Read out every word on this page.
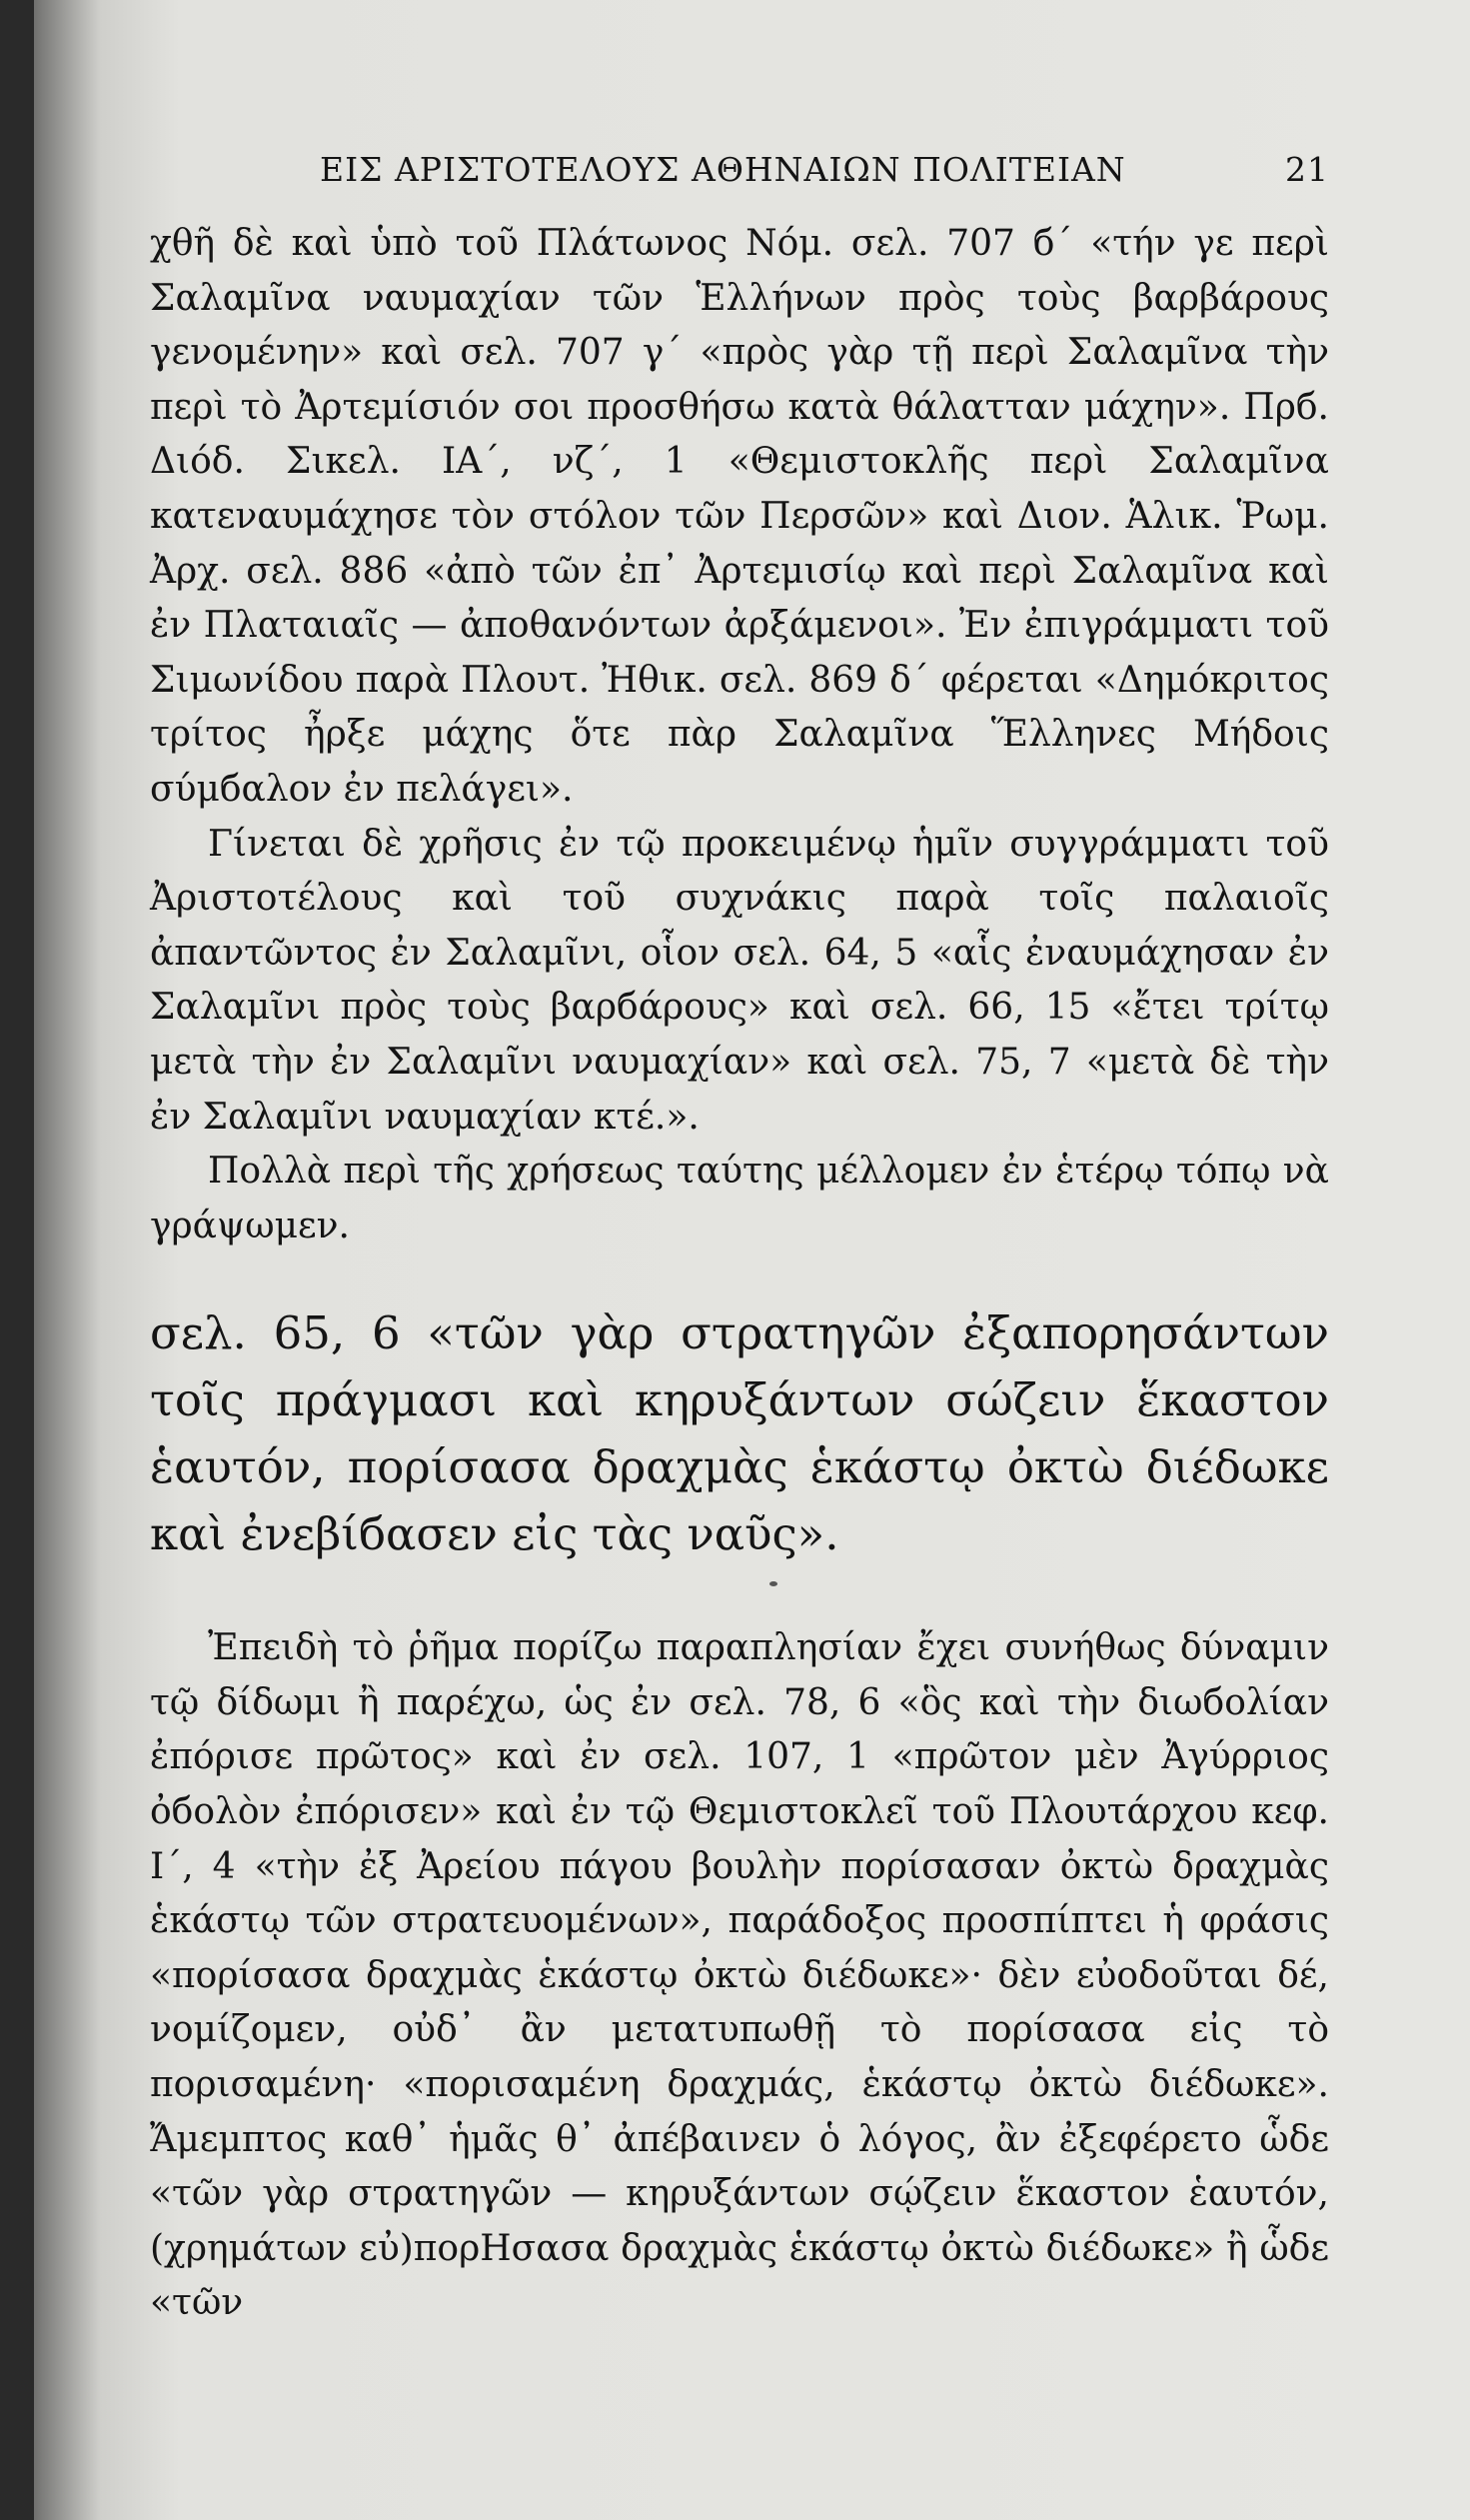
ΕΙΣ ΑΡΙΣΤΟΤΕΛΟΥΣ ΑΘΗΝΑΙΩΝ ΠΟΛΙΤΕΙΑΝ	21

χθῆ δὲ καὶ ὑπὸ τοῦ Πλάτωνος Νόμ. σελ. 707 б΄ «τήν γε περὶ Σαλαμῖνα ναυμαχίαν τῶν Ἑλλήνων πρὸς τοὺς βαρβάρους γενομένην» καὶ σελ. 707 γ΄ «πρὸς γὰρ τῇ περὶ Σαλαμῖνα τὴν περὶ τὸ Ἀρτεμίσιόν σοι προσθήσω κατὰ θάλατταν μάχην». Πρб. Διόδ. Σικελ. ΙΑ΄, νζ΄, 1 «Θεμιστοκλῆς περὶ Σαλαμῖνα κατεναυμάχησε τὸν στόλον τῶν Περσῶν» καὶ Διον. Ἁλικ. Ῥωμ. Ἀρχ. σελ. 886 «ἀπὸ τῶν ἐπ᾽ Ἀρτεμισίῳ καὶ περὶ Σαλαμῖνα καὶ ἐν Πλαταιαῖς — ἀποθανόντων ἀρξάμενοι». Ἐν ἐπιγράμματι τοῦ Σιμωνίδου παρὰ Πλουτ. Ἠθικ. σελ. 869 δ΄ φέρεται «Δημόκριτος τρίτος ἦρξε μάχης ὅτε πὰρ Σαλαμῖνα Ἕλληνες Μήδοις σύμбαλον ἐν πελάγει».

Γίνεται δὲ χρῆσις ἐν τῷ προκειμένῳ ἡμῖν συγγράμματι τοῦ Ἀριστοτέλους καὶ τοῦ συχνάκις παρὰ τοῖς παλαιοῖς ἀπαντῶντος ἐν Σαλαμῖνι, οἷον σελ. 64, 5 «αἷς ἐναυμάχησαν ἐν Σαλαμῖνι πρὸς τοὺς βαρбάρους» καὶ σελ. 66, 15 «ἔτει τρίτῳ μετὰ τὴν ἐν Σαλαμῖνι ναυμαχίαν» καὶ σελ. 75, 7 «μετὰ δὲ τὴν ἐν Σαλαμῖνι ναυμαχίαν κτέ.».

Πολλὰ περὶ τῆς χρήσεως ταύτης μέλλομεν ἐν ἑτέρῳ τόπῳ νὰ γράψωμεν.

σελ. 65, 6 «τῶν γὰρ στρατηγῶν ἐξαπορησάντων τοῖς πράγμασι καὶ κηρυξάντων σώζειν ἕκαστον ἑαυτόν, πορίσασα δραχμὰς ἑκάστῳ ὀκτὼ διέδωκε καὶ ἐνεβίбασεν εἰς τὰς ναῦς».

Ἐπειδὴ τὸ ῥῆμα πορίζω παραπλησίαν ἔχει συνήθως δύναμιν τῷ δίδωμι ἢ παρέχω, ὡς ἐν σελ. 78, 6 «ὃς καὶ τὴν διωбολίαν ἐπόρισε πρῶτος» καὶ ἐν σελ. 107, 1 «πρῶτον μὲν Ἀγύρριος ὀбολὸν ἐπόρισεν» καὶ ἐν τῷ Θεμιστοκλεῖ τοῦ Πλουτάρχου κεφ. Ι΄, 4 «τὴν ἐξ Ἀρείου πάγου βουλὴν πορίσασαν ὀκτὼ δραχμὰς ἑκάστῳ τῶν στρατευομένων», παράδοξος προσπίπτει ἡ φράσις «πορίσασα δραχμὰς ἑκάστῳ ὀκτὼ διέδωκε»· δὲν εὐοδοῦται δέ, νομίζομεν, οὐδ᾽ ἂν μετατυπωθῇ τὸ πορίσασα εἰς τὸ πορισαμένη· «πορισαμένη δραχμάς, ἑκάστῳ ὀκτὼ διέδωκε». Ἄμεμπτος καθ᾽ ἡμᾶς θ᾽ ἀπέβαινεν ὁ λόγος, ἂν ἐξεφέρετο ὧδε «τῶν γὰρ στρατηγῶν — κηρυξάντων σῴζειν ἕκαστον ἑαυτόν, (χρημάτων εὐ)πορΗσασα δραχμὰς ἑκάστῳ ὀκτὼ διέδωκε» ἢ ὧδε «τῶν
